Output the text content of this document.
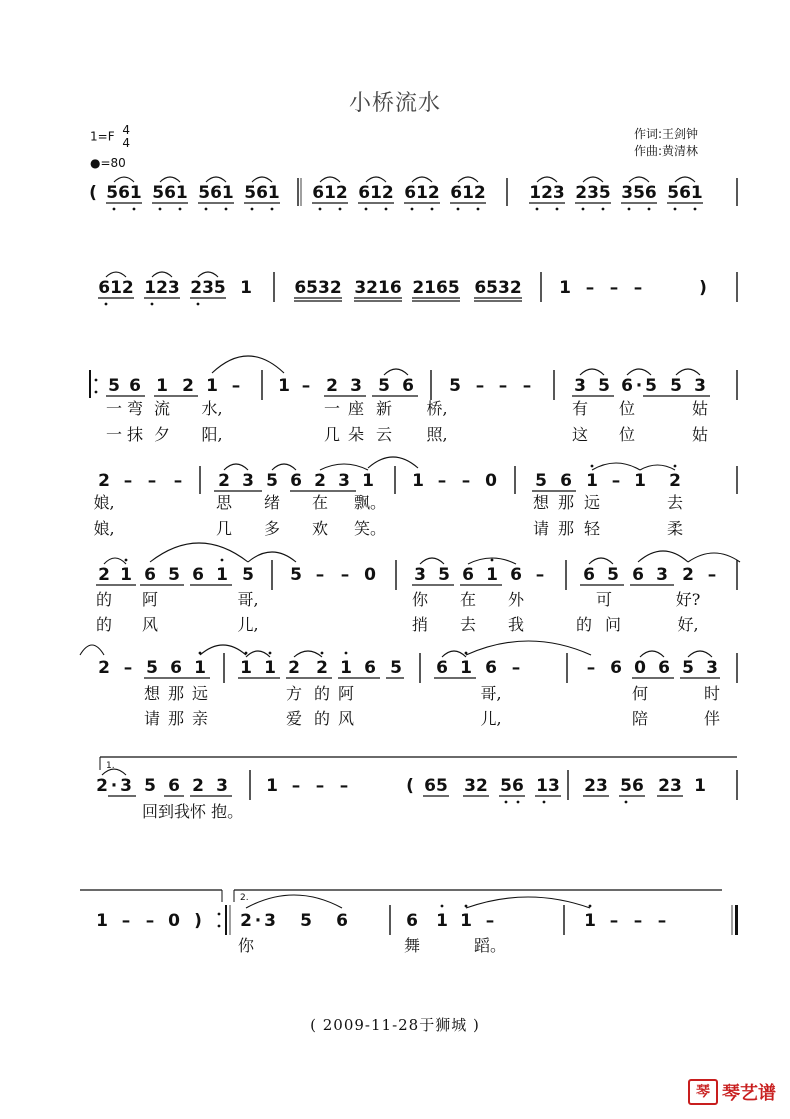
小桥流水
1=F 4
4
●=80
作词:王剑钟
作曲:黄清林
( 561 561 561 561 612 612 612 612	123 235 356 561
612 123 235 1 6532 3216 2165 6532 1 – – –	)
5 6 1 2 1 – 1 – 2 3 5 6 5 – – –	3 5 6 · 5 5 3
一 弯 流 水,	一 座 新 桥,	有 位	姑
一 抹 夕 阳,	几 朵 云 照,	这 位	姑
2 – – – 2 3 5 6 2 3 1 1 – – 0 5 6 1 – 1 2
娘,	思 绪 在 飘。	想 那 远	去
娘,	几 多 欢 笑。	请 那 轻	柔
2 1 6 5 6 1 5 5 – – 0 3 5 6 1 6 – 6 5 6 3 2 –
的 阿	哥,	你 在 外	可	好?
的 风	儿,	捎 去 我	的 问	好,
2 – 5 6 1 1 1 2 2 1 6 5 6 1 6 –	– 6 0 6 5 3
想 那 远	方 的 阿	哥,	何	时
请 那 亲	爱 的 风	儿,	陪	伴
1.
2 · 3 5 6 2 3 1 – – –	( 65 32 56 13 23 56 23 1
回到我怀 抱。
1 – – 0 )
2.
2 · 3 5 6	6 1 1 –	1 – – –
你	舞	蹈。
( 2009-11-28于狮城 )
琴 琴艺谱
